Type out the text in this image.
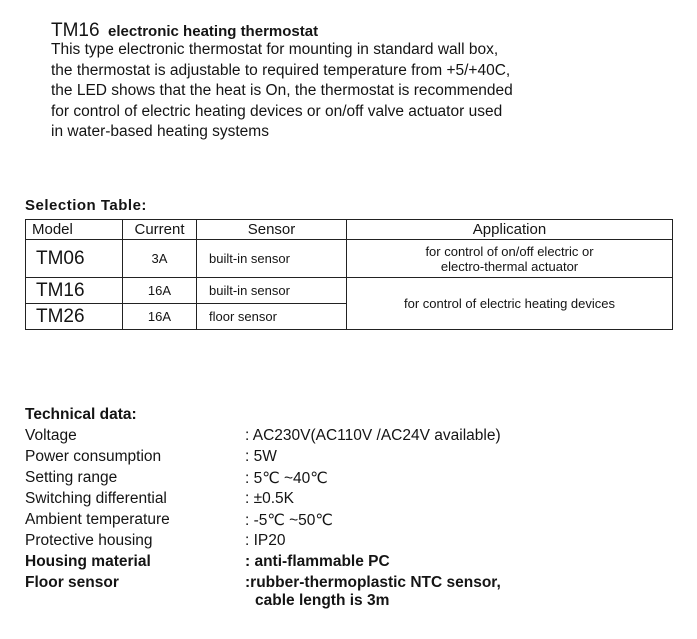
TM16 electronic heating thermostat
This type electronic thermostat for mounting in standard wall box,
the thermostat is adjustable to required temperature from +5/+40C,
the LED shows that the heat is On, the thermostat is recommended
for control of electric heating devices or on/off valve actuator used
in water-based heating systems
Selection Table:
Model	Current	Sensor	Application
TM06	3A	built-in sensor	for control of on/off electric or
electro-thermal actuator

TM16	16A	built-in sensor	for control of electric heating devices
TM26	16A	floor sensor	
Technical data:
Voltage	: AC230V(AC110V /AC24V available)
Power consumption	: 5W
Setting range	: 5℃ ~40℃
Switching differential	: ±0.5K
Ambient temperature	: -5℃ ~50℃
Protective housing	: IP20
Housing material	: anti-flammable PC
Floor sensor	:rubber-thermoplastic NTC sensor,
cable length is 3m
